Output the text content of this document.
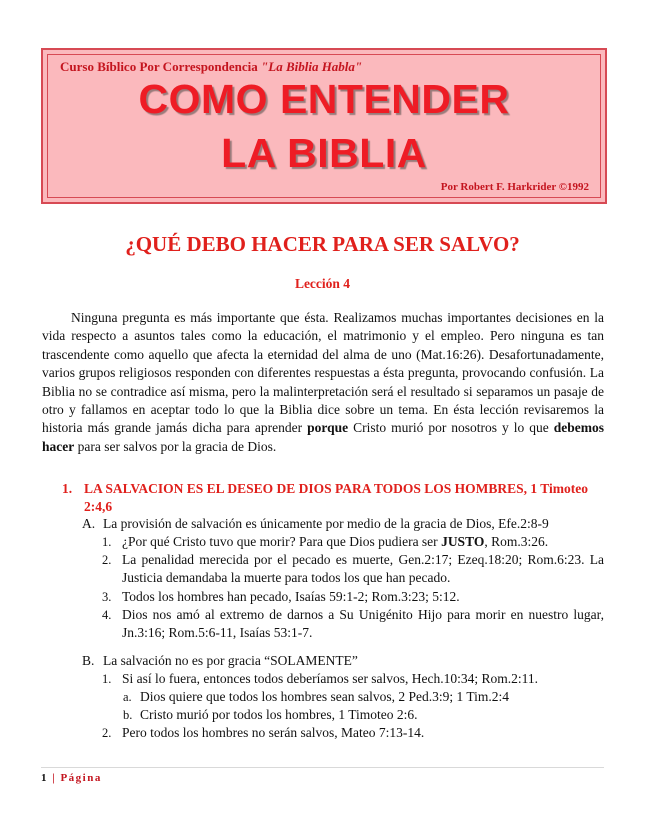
Curso Bíblico Por Correspondencia "La Biblia Habla"
COMO ENTENDER
LA BIBLIA
Por Robert F. Harkrider ©1992
¿QUÉ DEBO HACER PARA SER SALVO?
Lección 4

Ninguna pregunta es más importante que ésta. Realizamos muchas importantes decisiones en la vida respecto a asuntos tales como la educación, el matrimonio y el empleo. Pero ninguna es tan trascendente como aquello que afecta la eternidad del alma de uno (Mat.16:26). Desafortunadamente, varios grupos religiosos responden con diferentes respuestas a ésta pregunta, provocando confusión. La Biblia no se contradice así misma, pero la malinterpretación será el resultado si separamos un pasaje de otro y fallamos en aceptar todo lo que la Biblia dice sobre un tema. En ésta lección revisaremos la historia más grande jamás dicha para aprender porque Cristo murió por nosotros y lo que debemos hacer para ser salvos por la gracia de Dios.

1. LA SALVACION ES EL DESEO DE DIOS PARA TODOS LOS HOMBRES, 1 Timoteo 2:4,6
A. La provisión de salvación es únicamente por medio de la gracia de Dios, Efe.2:8-9
1. ¿Por qué Cristo tuvo que morir? Para que Dios pudiera ser JUSTO, Rom.3:26.
2. La penalidad merecida por el pecado es muerte, Gen.2:17; Ezeq.18:20; Rom.6:23. La Justicia demandaba la muerte para todos los que han pecado.
3. Todos los hombres han pecado, Isaías 59:1-2; Rom.3:23; 5:12.
4. Dios nos amó al extremo de darnos a Su Unigénito Hijo para morir en nuestro lugar, Jn.3:16; Rom.5:6-11, Isaías 53:1-7.
B. La salvación no es por gracia “SOLAMENTE”
1. Si así lo fuera, entonces todos deberíamos ser salvos, Hech.10:34; Rom.2:11.
a. Dios quiere que todos los hombres sean salvos, 2 Ped.3:9; 1 Tim.2:4
b. Cristo murió por todos los hombres, 1 Timoteo 2:6.
2. Pero todos los hombres no serán salvos, Mateo 7:13-14.
1 | Página
